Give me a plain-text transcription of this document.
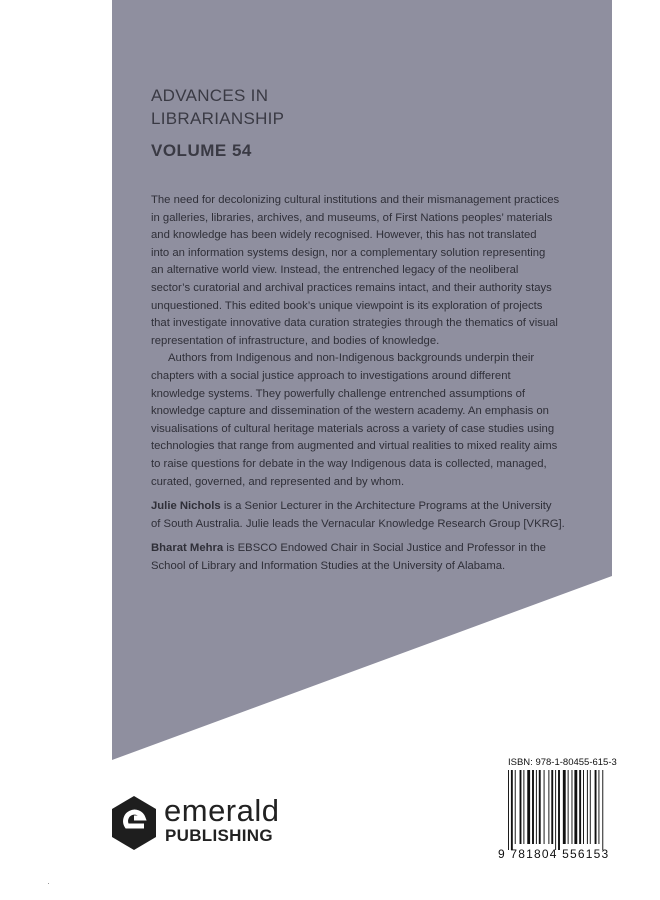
ADVANCES IN
LIBRARIANSHIP
VOLUME 54
The need for decolonizing cultural institutions and their mismanagement practices
in galleries, libraries, archives, and museums, of First Nations peoples’ materials
and knowledge has been widely recognised. However, this has not translated
into an information systems design, nor a complementary solution representing
an alternative world view. Instead, the entrenched legacy of the neoliberal
sector’s curatorial and archival practices remains intact, and their authority stays
unquestioned. This edited book’s unique viewpoint is its exploration of projects
that investigate innovative data curation strategies through the thematics of visual
representation of infrastructure, and bodies of knowledge.
Authors from Indigenous and non-Indigenous backgrounds underpin their
chapters with a social justice approach to investigations around different
knowledge systems. They powerfully challenge entrenched assumptions of
knowledge capture and dissemination of the western academy. An emphasis on
visualisations of cultural heritage materials across a variety of case studies using
technologies that range from augmented and virtual realities to mixed reality aims
to raise questions for debate in the way Indigenous data is collected, managed,
curated, governed, and represented and by whom.
Julie Nichols is a Senior Lecturer in the Architecture Programs at the University
of South Australia. Julie leads the Vernacular Knowledge Research Group [VKRG].
Bharat Mehra is EBSCO Endowed Chair in Social Justice and Professor in the
School of Library and Information Studies at the University of Alabama.
emerald
PUBLISHING
ISBN: 978-1-80455-615-3
9 781804 556153
